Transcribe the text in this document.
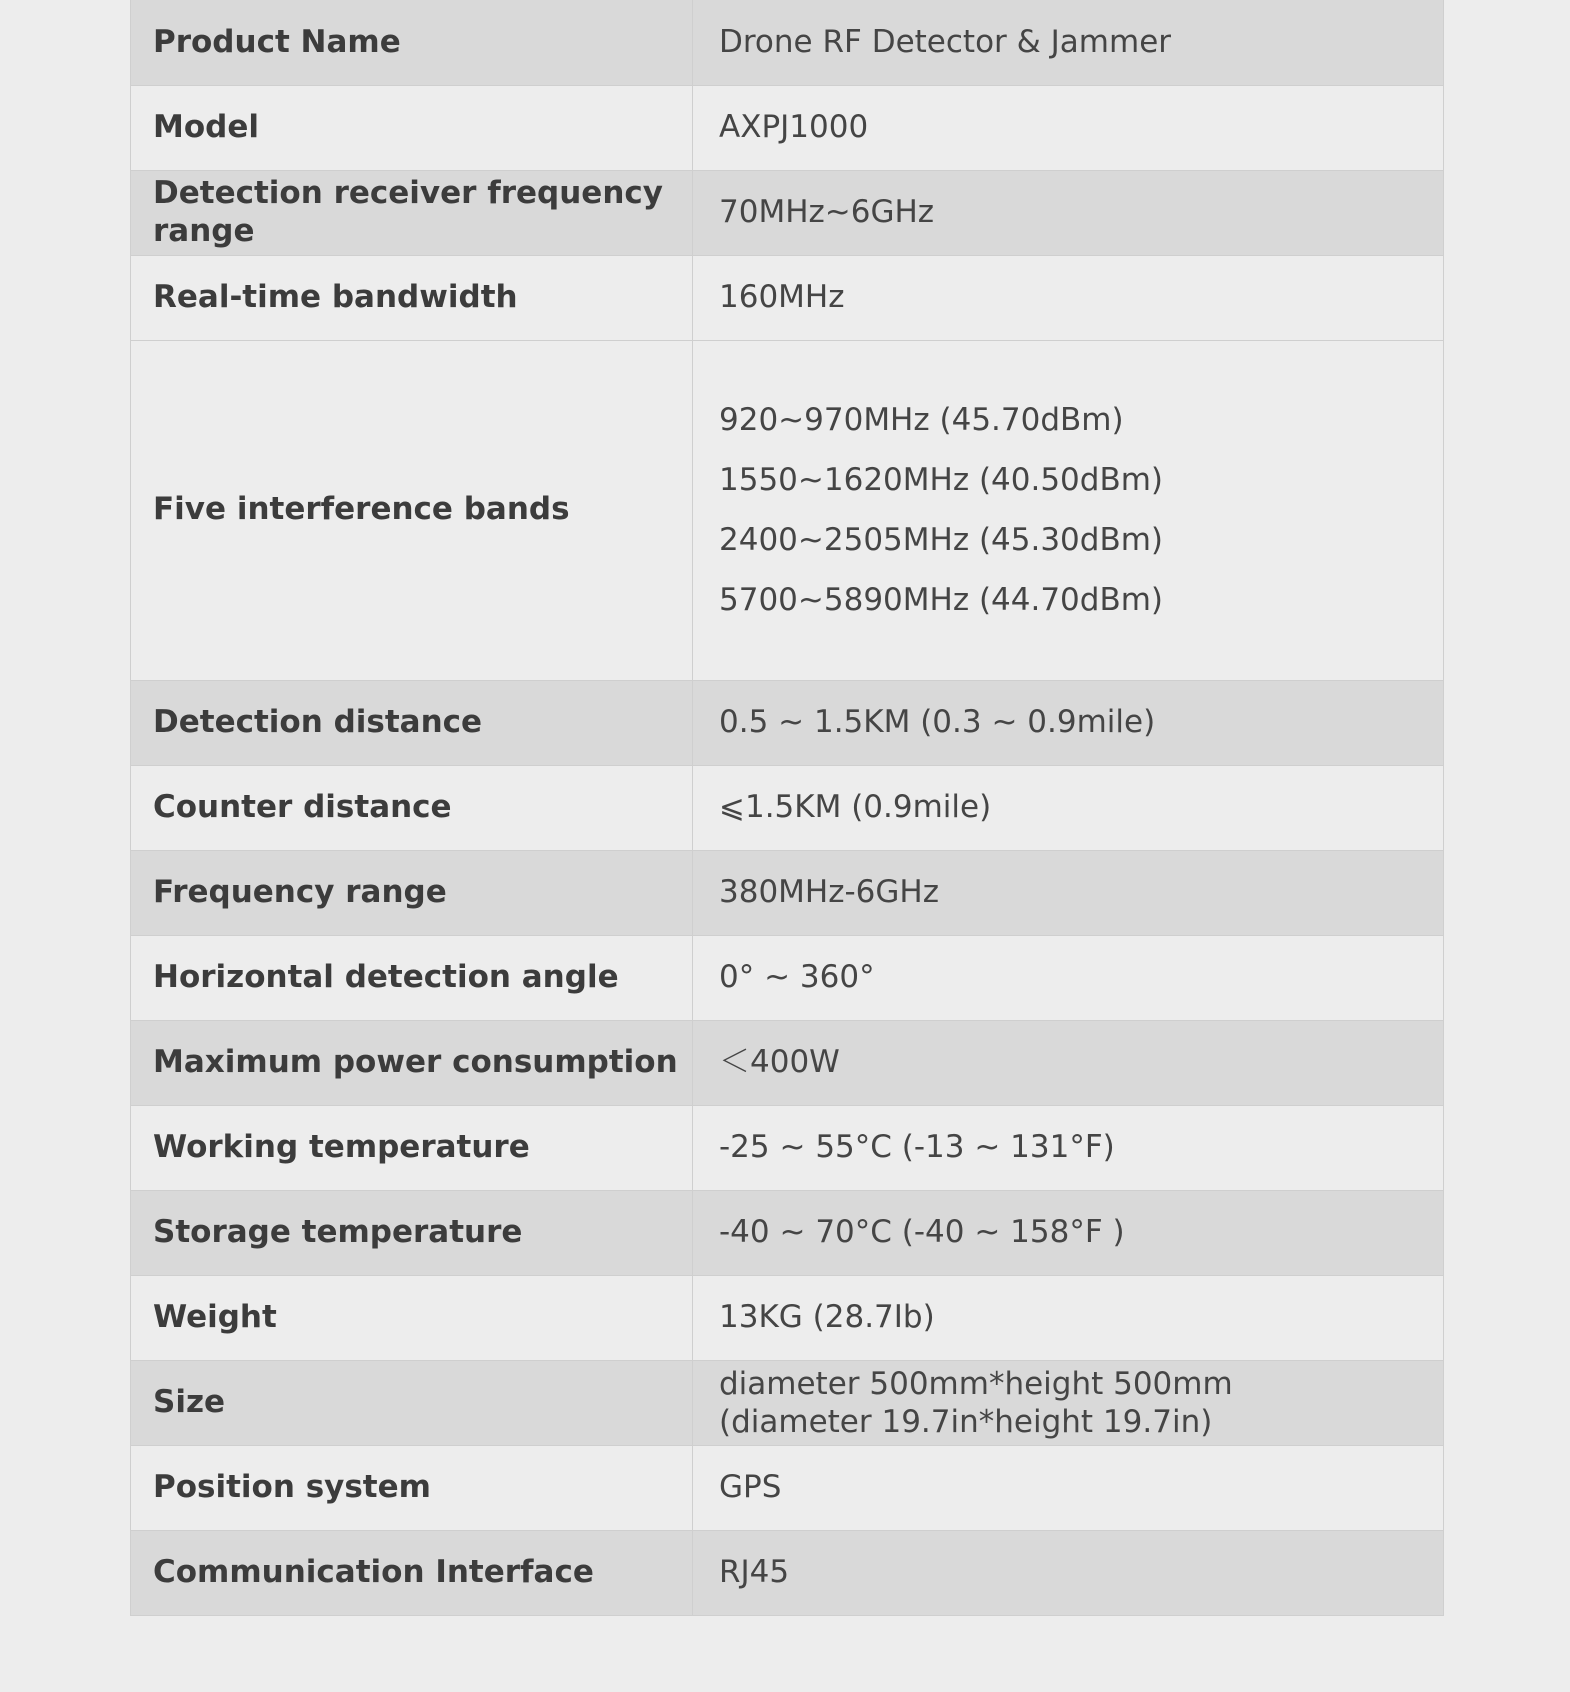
Product Name	Drone RF Detector & Jammer
Model	AXPJ1000
Detection receiver frequency range	70MHz~6GHz
Real-time bandwidth	160MHz
Five interference bands	920~970MHz (45.70dBm)
1550~1620MHz (40.50dBm)
2400~2505MHz (45.30dBm)
5700~5890MHz (44.70dBm)

Detection distance	0.5 ~ 1.5KM (0.3 ~ 0.9mile)
Counter distance	⩽1.5KM (0.9mile)
Frequency range	380MHz-6GHz
Horizontal detection angle	0° ~ 360°
Maximum power consumption	＜400W
Working temperature	-25 ~ 55°C (-13 ~ 131°F)
Storage temperature	-40 ~ 70°C (-40 ~ 158°F )
Weight	13KG (28.7Ib)
Size	diameter 500mm*height 500mm
(diameter 19.7in*height 19.7in)

Position system	GPS
Communication Interface	RJ45
